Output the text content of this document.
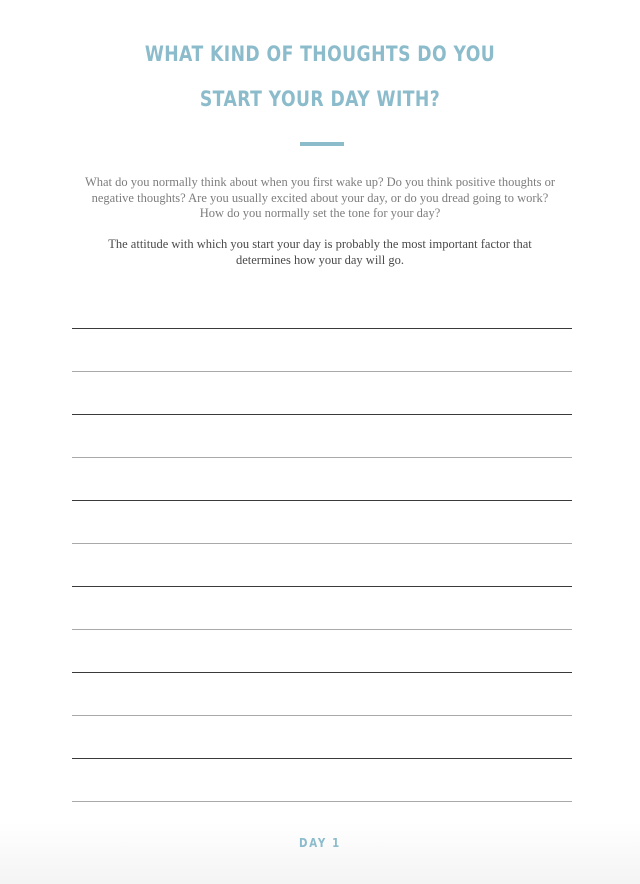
WHAT KIND OF THOUGHTS DO YOU
START YOUR DAY WITH?

What do you normally think about when you first wake up? Do you think positive thoughts or
negative thoughts? Are you usually excited about your day, or do you dread going to work?
How do you normally set the tone for your day?

The attitude with which you start your day is probably the most important factor that
determines how your day will go.

DAY 1
